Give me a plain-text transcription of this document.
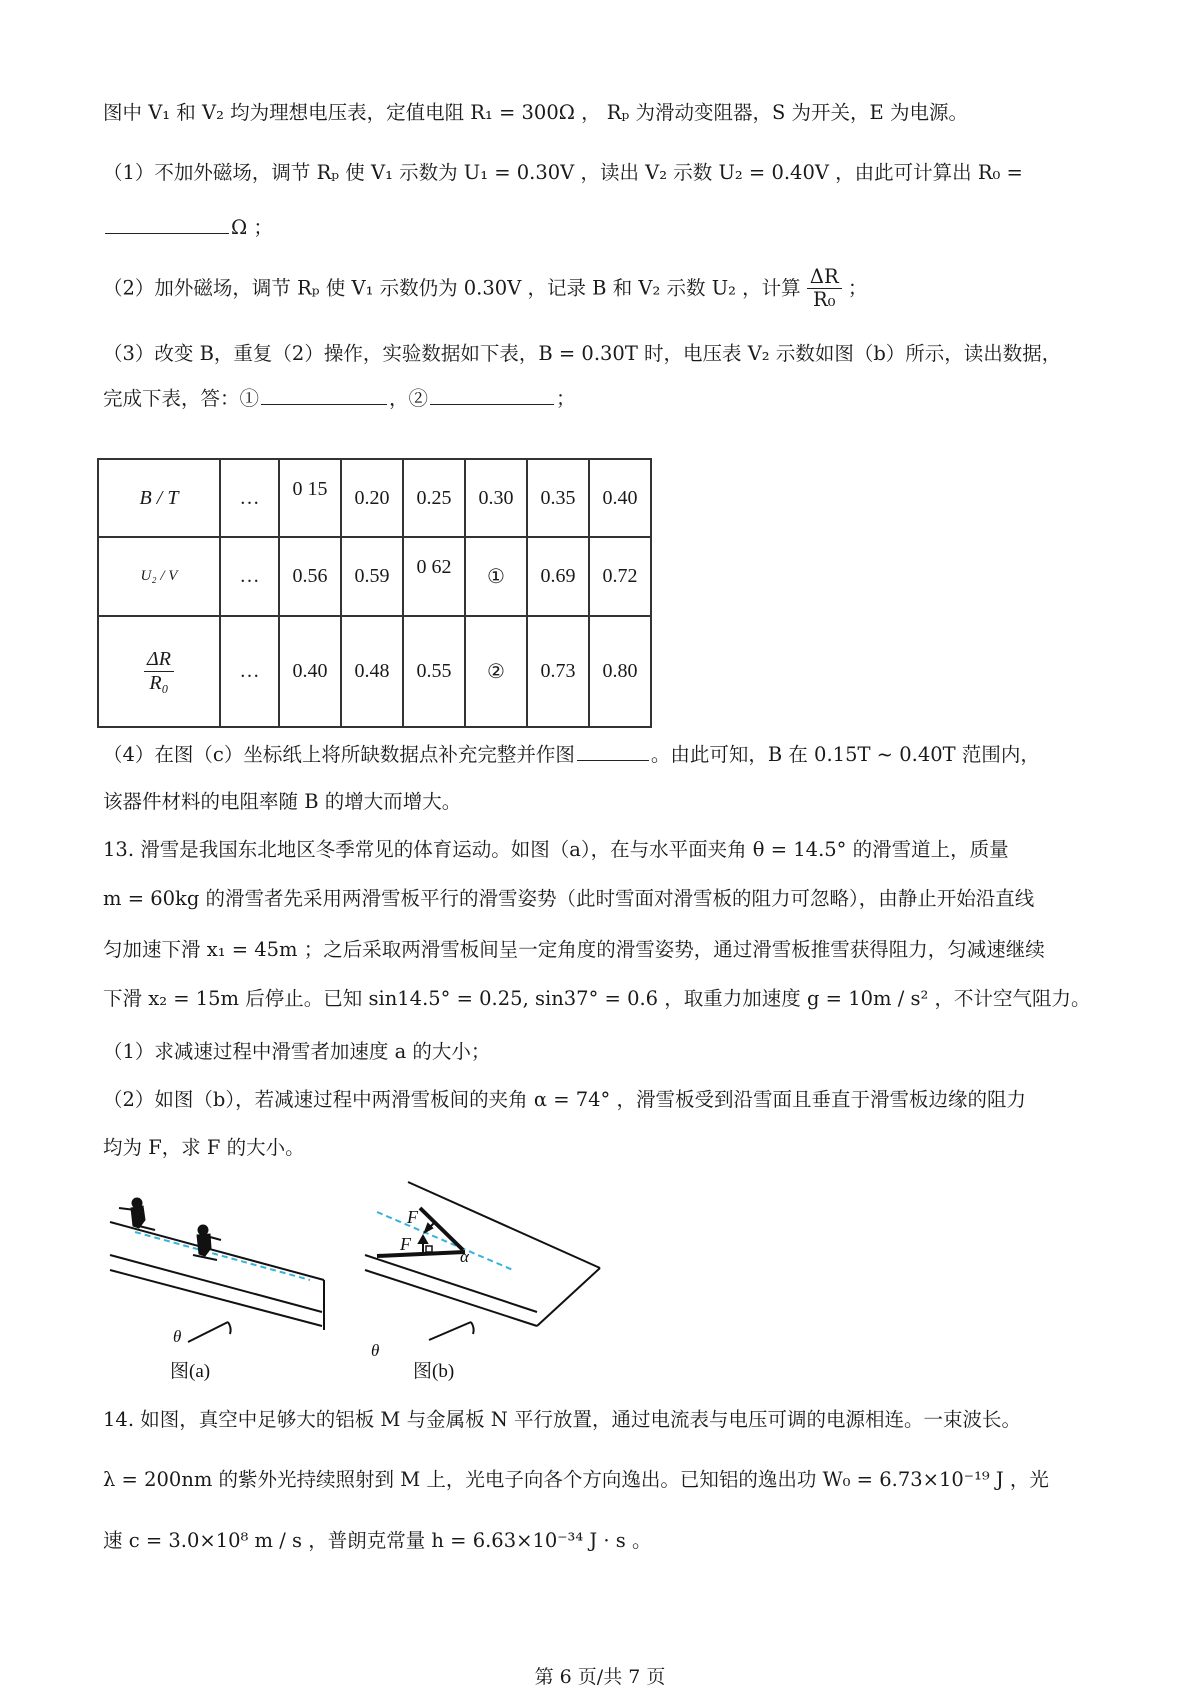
图中 V₁ 和 V₂ 均为理想电压表，定值电阻 R₁ = 300Ω ， Rₚ 为滑动变阻器，S 为开关，E 为电源。
（1）不加外磁场，调节 Rₚ 使 V₁ 示数为 U₁ = 0.30V ，读出 V₂ 示数 U₂ = 0.40V ，由此可计算出 R₀ =
Ω ；
（2）加外磁场，调节 Rₚ 使 V₁ 示数仍为 0.30V ，记录 B 和 V₂ 示数 U₂ ，计算 $\frac{\Delta R}{\text{R₀}}$ ；
（3）改变 B，重复（2）操作，实验数据如下表，B = 0.30T 时，电压表 V₂ 示数如图（b）所示，读出数据，
完成下表，答：①	，②	；
B / T	…	0 15	0.20	0.25	0.30	0.35	0.40
U₂ / V	…	0.56	0.59	0 62	①	0.69	0.72

$\frac{\Delta R}{\text{R₀}}$	…	0.40	0.48	0.55	②	0.73	0.80
（4）在图（c）坐标纸上将所缺数据点补充完整并作图	。由此可知，B 在 0.15T ~ 0.40T 范围内，
该器件材料的电阻率随 B 的增大而增大。
13. 滑雪是我国东北地区冬季常见的体育运动。如图（a），在与水平面夹角 θ = 14.5° 的滑雪道上，质量
m = 60kg 的滑雪者先采用两滑雪板平行的滑雪姿势（此时雪面对滑雪板的阻力可忽略），由静止开始沿直线
匀加速下滑 x₁ = 45m ；之后采取两滑雪板间呈一定角度的滑雪姿势，通过滑雪板推雪获得阻力，匀减速继续
下滑 x₂ = 15m 后停止。已知 sin14.5° = 0.25, sin37° = 0.6 ，取重力加速度 g = 10m / s² ，不计空气阻力。
（1）求减速过程中滑雪者加速度 a 的大小；
（2）如图（b），若减速过程中两滑雪板间的夹角 α = 74° ，滑雪板受到沿雪面且垂直于滑雪板边缘的阻力
均为 F，求 F 的大小。
θ
图(a)
F
F
α
θ
图(b)
14. 如图，真空中足够大的铝板 M 与金属板 N 平行放置，通过电流表与电压可调的电源相连。一束波长。
λ = 200nm 的紫外光持续照射到 M 上，光电子向各个方向逸出。已知铝的逸出功 W₀ = 6.73×10⁻¹⁹ J ，光
速 c = 3.0×10⁸ m / s ，普朗克常量 h = 6.63×10⁻³⁴ J · s 。
第 6 页/共 7 页
